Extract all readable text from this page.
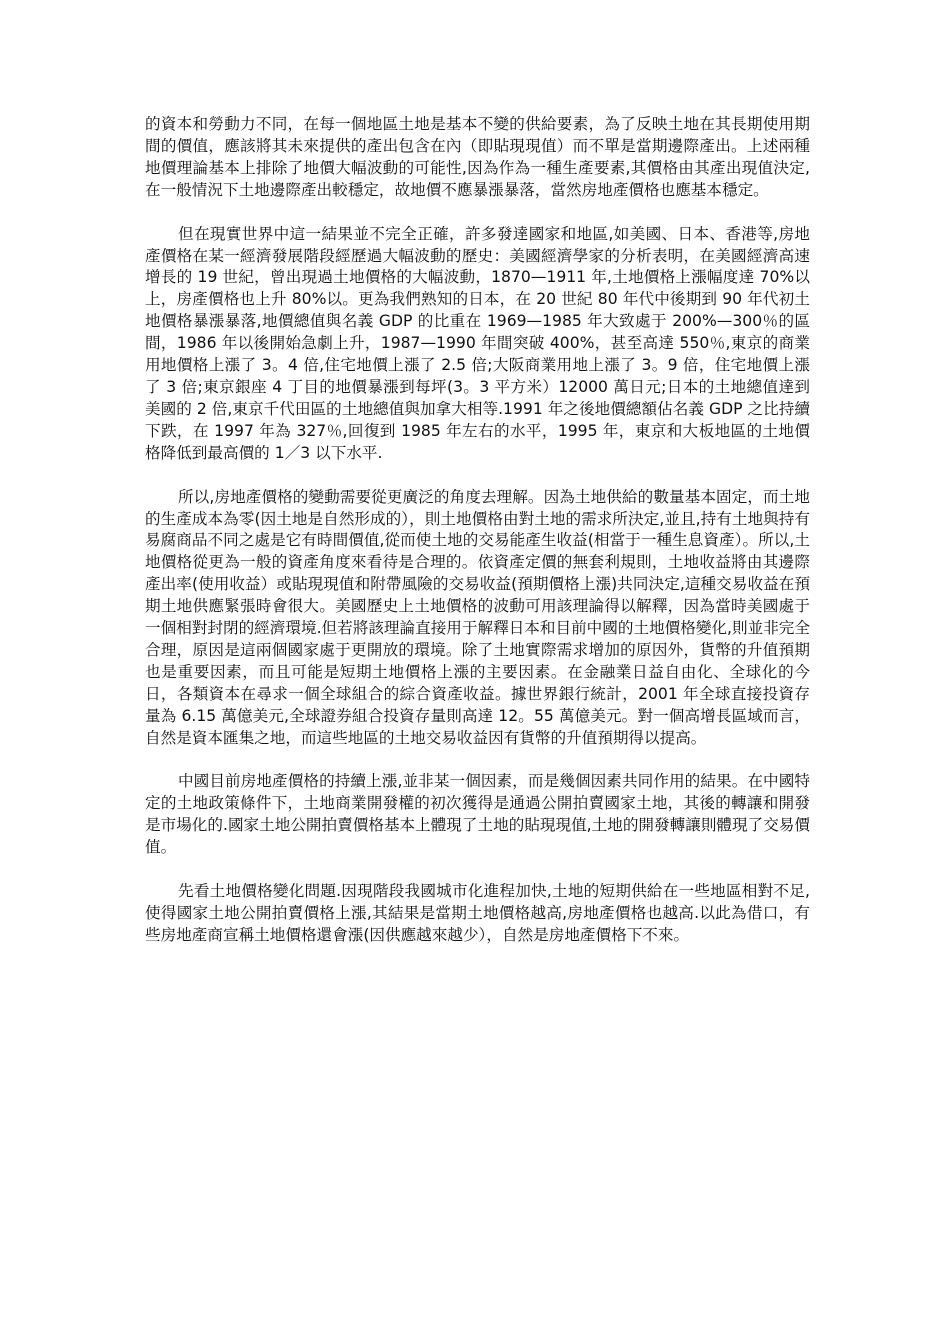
的資本和勞動力不同，在每一個地區土地是基本不變的供給要素，為了反映土地在其長期使用期間的價值，應該將其未來提供的產出包含在內（即貼現現值）而不單是當期邊際產出。上述兩種地價理論基本上排除了地價大幅波動的可能性,因為作為一種生產要素,其價格由其產出現值決定,在一般情況下土地邊際產出較穩定，故地價不應暴漲暴落，當然房地產價格也應基本穩定。

但在現實世界中這一結果並不完全正確，許多發達國家和地區,如美國、日本、香港等,房地產價格在某一經濟發展階段經歷過大幅波動的歷史：美國經濟學家的分析表明，在美國經濟高速增長的 19 世紀，曾出現過土地價格的大幅波動，1870—1911 年,土地價格上漲幅度達 70%以上，房產價格也上升 80%以。更為我們熟知的日本，在 20 世紀 80 年代中後期到 90 年代初土地價格暴漲暴落,地價總值與名義 GDP 的比重在 1969—1985 年大致處于 200%—300％的區間，1986 年以後開始急劇上升，1987—1990 年間突破 400%，甚至高達 550％,東京的商業用地價格上漲了 3。4 倍,住宅地價上漲了 2.5 倍;大阪商業用地上漲了 3。9 倍，住宅地價上漲了 3 倍;東京銀座 4 丁目的地價暴漲到每坪(3。3 平方米）12000 萬日元;日本的土地總值達到美國的 2 倍,東京千代田區的土地總值與加拿大相等.1991 年之後地價總額佔名義 GDP 之比持續下跌，在 1997 年為 327％,回復到 1985 年左右的水平，1995 年，東京和大板地區的土地價格降低到最高價的 1／3 以下水平.

所以,房地產價格的變動需要從更廣泛的角度去理解。因為土地供給的數量基本固定，而土地的生產成本為零(因土地是自然形成的），則土地價格由對土地的需求所決定,並且,持有土地與持有易腐商品不同之處是它有時間價值,從而使土地的交易能產生收益(相當于一種生息資產）。所以,土地價格從更為一般的資產角度來看待是合理的。依資產定價的無套利規則，土地收益將由其邊際產出率(使用收益）或貼現現值和附帶風險的交易收益(預期價格上漲)共同決定,這種交易收益在預期土地供應緊張時會很大。美國歷史上土地價格的波動可用該理論得以解釋，因為當時美國處于一個相對封閉的經濟環境.但若將該理論直接用于解釋日本和目前中國的土地價格變化,則並非完全合理，原因是這兩個國家處于更開放的環境。除了土地實際需求增加的原因外，貨幣的升值預期也是重要因素，而且可能是短期土地價格上漲的主要因素。在金融業日益自由化、全球化的今日，各類資本在尋求一個全球組合的綜合資產收益。據世界銀行統計，2001 年全球直接投資存量為 6.15 萬億美元,全球證券組合投資存量則高達 12。55 萬億美元。對一個高增長區域而言，自然是資本匯集之地，而這些地區的土地交易收益因有貨幣的升值預期得以提高。

中國目前房地產價格的持續上漲,並非某一個因素，而是幾個因素共同作用的結果。在中國特定的土地政策條件下，土地商業開發權的初次獲得是通過公開拍賣國家土地，其後的轉讓和開發是市場化的.國家土地公開拍賣價格基本上體現了土地的貼現現值,土地的開發轉讓則體現了交易價值。

先看土地價格變化問題.因現階段我國城市化進程加快,土地的短期供給在一些地區相對不足,使得國家土地公開拍賣價格上漲,其結果是當期土地價格越高,房地產價格也越高.以此為借口，有些房地產商宣稱土地價格還會漲(因供應越來越少），自然是房地產價格下不來。
